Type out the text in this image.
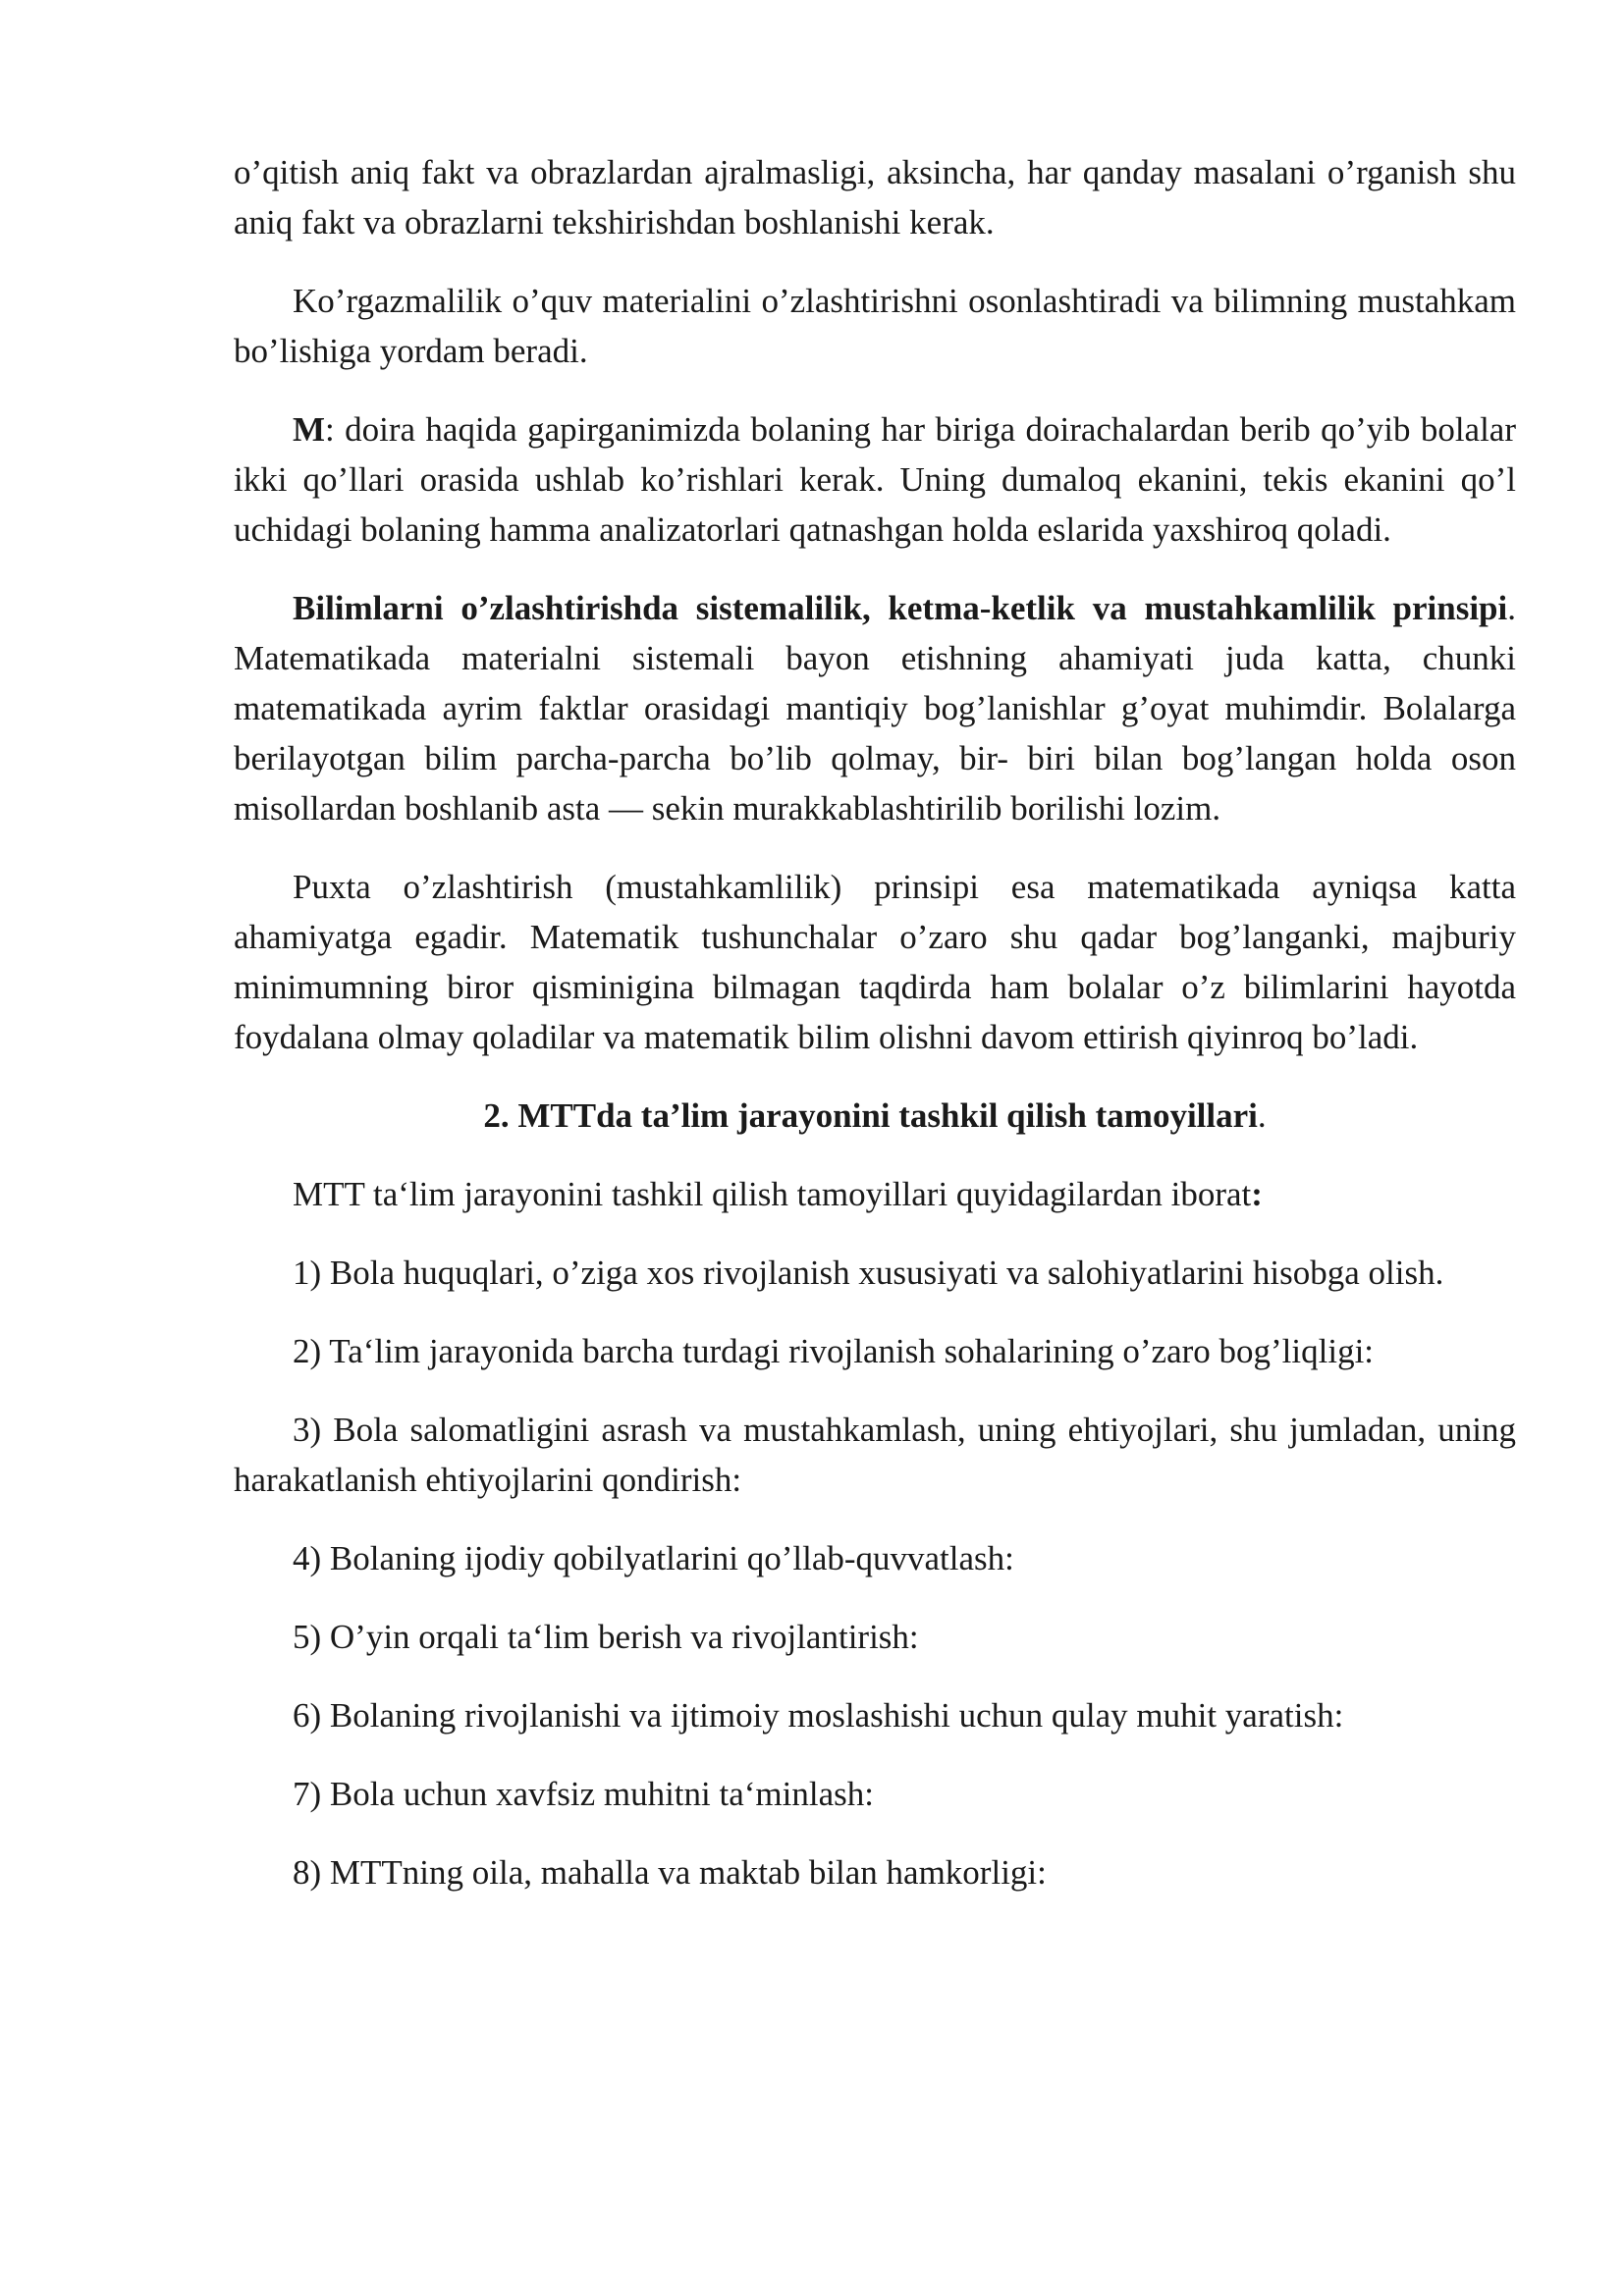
o’qitish aniq fakt va obrazlardan ajralmasligi, aksincha, har qanday masalani o’rganish shu aniq fakt va obrazlarni tekshirishdan boshlanishi kerak.

Ko’rgazmalilik o’quv materialini o’zlashtirishni osonlashtiradi va bilimning mustahkam bo’lishiga yordam beradi.

M: doira haqida gapirganimizda bolaning har biriga doirachalardan berib qo’yib bolalar ikki qo’llari orasida ushlab ko’rishlari kerak. Uning dumaloq ekanini, tekis ekanini qo’l uchidagi bolaning hamma analizatorlari qatnashgan holda eslarida yaxshiroq qoladi.

Bilimlarni o’zlashtirishda sistemalilik, ketma-ketlik va mustahkamlilik prinsipi. Matematikada materialni sistemali bayon etishning ahamiyati juda katta, chunki matematikada ayrim faktlar orasidagi mantiqiy bog’lanishlar g’oyat muhimdir. Bolalarga berilayotgan bilim parcha-parcha bo’lib qolmay, bir- biri bilan bog’langan holda oson misollardan boshlanib asta — sekin murakkablashtirilib borilishi lozim.

Puxta o’zlashtirish (mustahkamlilik) prinsipi esa matematikada ayniqsa katta ahamiyatga egadir. Matematik tushunchalar o’zaro shu qadar bog’langanki, majburiy minimumning biror qisminigina bilmagan taqdirda ham bolalar o’z bilimlarini hayotda foydalana olmay qoladilar va matematik bilim olishni davom ettirish qiyinroq bo’ladi.

2. MTTda ta’lim jarayonini tashkil qilish tamoyillari.

MTT ta‘lim jarayonini tashkil qilish tamoyillari quyidagilardan iborat:

1) Bola huquqlari, o’ziga xos rivojlanish xususiyati va salohiyatlarini hisobga olish.

2) Ta‘lim jarayonida barcha turdagi rivojlanish sohalarining o’zaro bog’liqligi:

3) Bola salomatligini asrash va mustahkamlash, uning ehtiyojlari, shu jumladan, uning harakatlanish ehtiyojlarini qondirish:

4) Bolaning ijodiy qobilyatlarini qo’llab-quvvatlash:

5) O’yin orqali ta‘lim berish va rivojlantirish:

6) Bolaning rivojlanishi va ijtimoiy moslashishi uchun qulay muhit yaratish:

7) Bola uchun xavfsiz muhitni ta‘minlash:

8) MTTning oila, mahalla va maktab bilan hamkorligi:
